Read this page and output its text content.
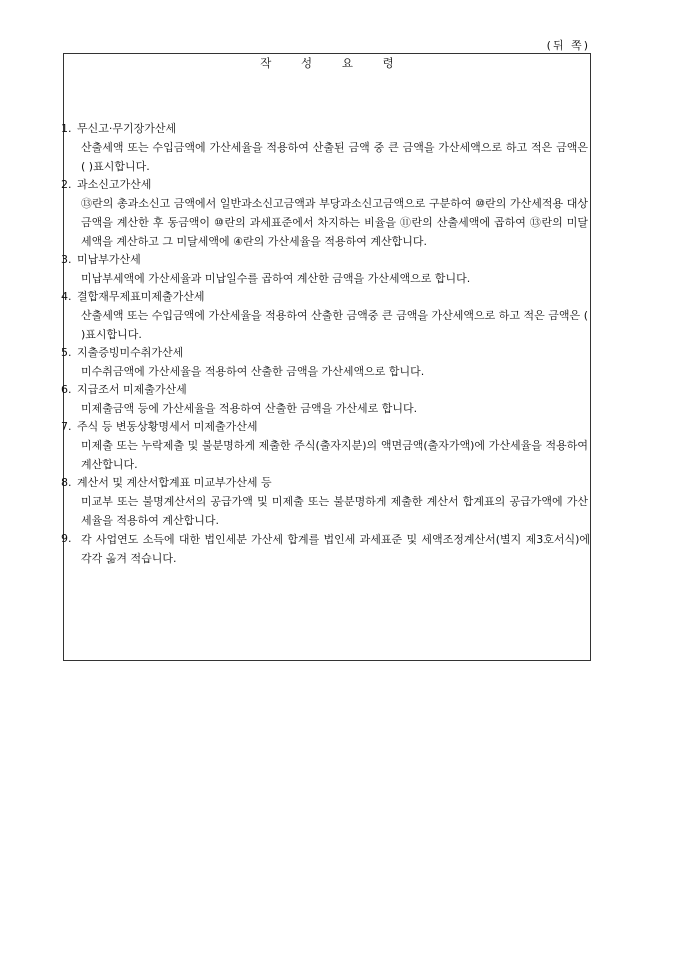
(뒤 쪽)
작 성 요 령
1. 무신고·무기장가산세
산출세액 또는 수입금액에 가산세율을 적용하여 산출된 금액 중 큰 금액을 가산세액으로 하고 적은 금액은 ( )표시합니다.
2. 과소신고가산세
⑬란의 총과소신고 금액에서 일반과소신고금액과 부당과소신고금액으로 구분하여 ⑩란의 가산세적용 대상금액을 계산한 후 동금액이 ⑩란의 과세표준에서 차지하는 비율을 ⑪란의 산출세액에 곱하여 ⑬란의 미달세액을 계산하고 그 미달세액에 ④란의 가산세율을 적용하여 계산합니다.
3. 미납부가산세
미납부세액에 가산세율과 미납일수를 곱하여 계산한 금액을 가산세액으로 합니다.
4. 결합재무제표미제출가산세
산출세액 또는 수입금액에 가산세율을 적용하여 산출한 금액중 큰 금액을 가산세액으로 하고 적은 금액은 ( )표시합니다.
5. 지출증빙미수취가산세
미수취금액에 가산세율을 적용하여 산출한 금액을 가산세액으로 합니다.
6. 지급조서 미제출가산세
미제출금액 등에 가산세율을 적용하여 산출한 금액을 가산세로 합니다.
7. 주식 등 변동상황명세서 미제출가산세
미제출 또는 누락제출 및 불분명하게 제출한 주식(출자지분)의 액면금액(출자가액)에 가산세율을 적용하여 계산합니다.
8. 계산서 및 계산서합계표 미교부가산세 등
미교부 또는 불명계산서의 공급가액 및 미제출 또는 불분명하게 제출한 계산서 합계표의 공급가액에 가산세율을 적용하여 계산합니다.
9. 각 사업연도 소득에 대한 법인세분 가산세 합계를 법인세 과세표준 및 세액조정계산서(별지 제3호서식)에 각각 옮겨 적습니다.
